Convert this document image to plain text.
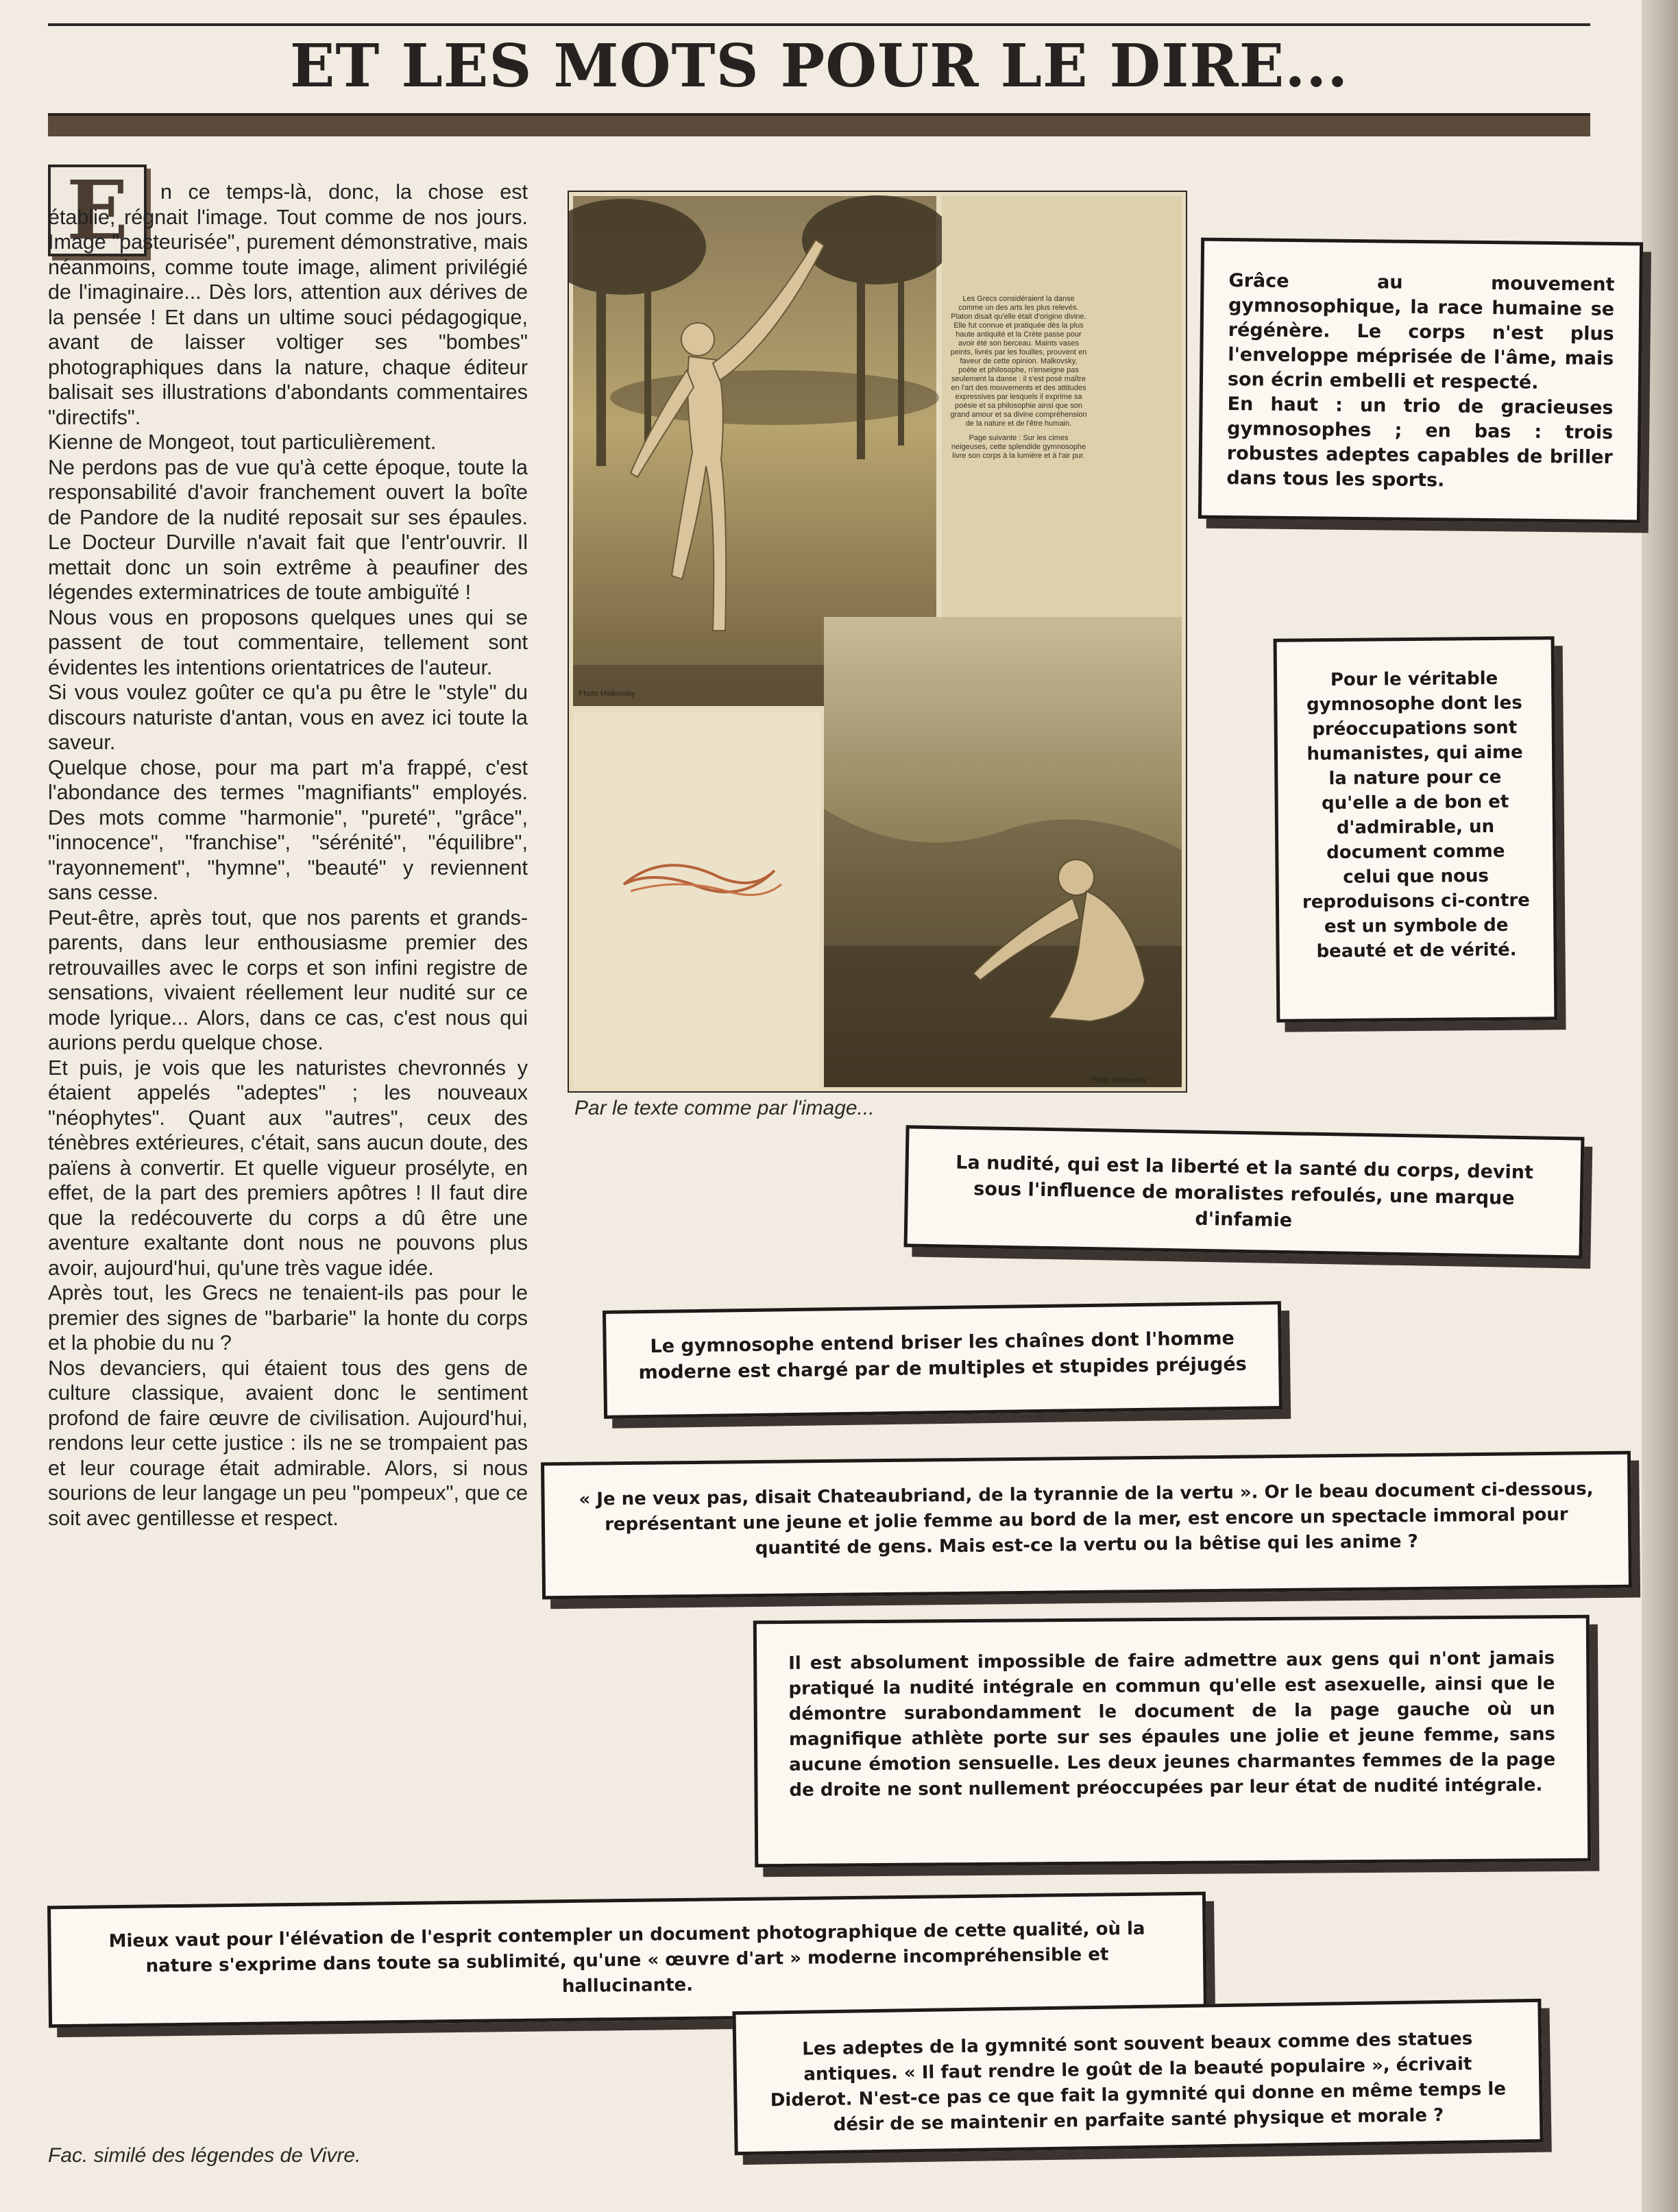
ET LES MOTS POUR LE DIRE...
E	n ce temps-là, donc, la chose est établie, régnait l'image. Tout comme de nos jours. Image "pasteurisée", purement démonstrative, mais néanmoins, comme toute image, aliment privilégié de l'imaginaire... Dès lors, attention aux dérives de la pensée ! Et dans un ultime souci pédagogique, avant de laisser voltiger ses "bombes" photographiques dans la nature, chaque éditeur balisait ses illustrations d'abondants commentaires "directifs".

Kienne de Mongeot, tout particulièrement.

Ne perdons pas de vue qu'à cette époque, toute la responsabilité d'avoir franchement ouvert la boîte de Pandore de la nudité reposait sur ses épaules. Le Docteur Durville n'avait fait que l'entr'ouvrir. Il mettait donc un soin extrême à peaufiner des légendes exterminatrices de toute ambiguïté !

Nous vous en proposons quelques unes qui se passent de tout commentaire, tellement sont évidentes les intentions orientatrices de l'auteur.

Si vous voulez goûter ce qu'a pu être le "style" du discours naturiste d'antan, vous en avez ici toute la saveur.

Quelque chose, pour ma part m'a frappé, c'est l'abondance des termes "magnifiants" employés. Des mots comme "harmonie", "pureté", "grâce", "innocence", "franchise", "sérénité", "équilibre", "rayonnement", "hymne", "beauté" y reviennent sans cesse.

Peut-être, après tout, que nos parents et grands-parents, dans leur enthousiasme premier des retrouvailles avec le corps et son infini registre de sensations, vivaient réellement leur nudité sur ce mode lyrique... Alors, dans ce cas, c'est nous qui aurions perdu quelque chose.

Et puis, je vois que les naturistes chevronnés y étaient appelés "adeptes" ; les nouveaux "néophytes". Quant aux "autres", ceux des ténèbres extérieures, c'était, sans aucun doute, des païens à convertir. Et quelle vigueur prosélyte, en effet, de la part des premiers apôtres ! Il faut dire que la redécouverte du corps a dû être une aventure exaltante dont nous ne pouvons plus avoir, aujourd'hui, qu'une très vague idée.

Après tout, les Grecs ne tenaient-ils pas pour le premier des signes de "barbarie" la honte du corps et la phobie du nu ?

Nos devanciers, qui étaient tous des gens de culture classique, avaient donc le sentiment profond de faire œuvre de civilisation. Aujourd'hui, rendons leur cette justice : ils ne se trompaient pas et leur courage était admirable. Alors, si nous sourions de leur langage un peu "pompeux", que ce soit avec gentillesse et respect.

Les Grecs considéraient la danse comme un des arts les plus relevés. Platon disait qu'elle était d'origine divine. Elle fut connue et pratiquée dès la plus haute antiquité et la Crète passe pour avoir été son berceau. Maints vases peints, livrés par les fouilles, prouvent en faveur de cette opinion. Malkovsky, poète et philosophe, n'enseigne pas seulement la danse : il s'est posé maître en l'art des mouvements et des attitudes expressives par lesquels il exprime sa poésie et sa philosophie ainsi que son grand amour et sa divine compréhension de la nature et de l'être humain.
Page suivante : Sur les cimes neigeuses, cette splendide gymnosophe livre son corps à la lumière et à l'air pur.
Photo Malkovsky
Photo Malkovsky
Par le texte comme par l'image...

Grâce au mouvement gymnosophique, la race humaine se régénère. Le corps n'est plus l'enveloppe méprisée de l'âme, mais son écrin embelli et respecté.

En haut : un trio de gracieuses gymnosophes ; en bas : trois robustes adeptes capables de briller dans tous les sports.

Pour le véritable gymnosophe dont les préoccupations sont humanistes, qui aime la nature pour ce qu'elle a de bon et d'admirable, un document comme celui que nous reproduisons ci-contre est un symbole de beauté et de vérité.

La nudité, qui est la liberté et la santé du corps, devint sous l'influence de moralistes refoulés, une marque d'infamie

Le gymnosophe entend briser les chaînes dont l'homme moderne est chargé par de multiples et stupides préjugés

« Je ne veux pas, disait Chateaubriand, de la tyrannie de la vertu ». Or le beau document ci-dessous, représentant une jeune et jolie femme au bord de la mer, est encore un spectacle immoral pour quantité de gens. Mais est-ce la vertu ou la bêtise qui les anime ?

Il est absolument impossible de faire admettre aux gens qui n'ont jamais pratiqué la nudité intégrale en commun qu'elle est asexuelle, ainsi que le démontre surabondamment le document de la page gauche où un magnifique athlète porte sur ses épaules une jolie et jeune femme, sans aucune émotion sensuelle. Les deux jeunes charmantes femmes de la page de droite ne sont nullement préoccupées par leur état de nudité intégrale.

Mieux vaut pour l'élévation de l'esprit contempler un document photographique de cette qualité, où la nature s'exprime dans toute sa sublimité, qu'une « œuvre d'art » moderne incompréhensible et hallucinante.

Les adeptes de la gymnité sont souvent beaux comme des statues antiques. « Il faut rendre le goût de la beauté populaire », écrivait Diderot. N'est-ce pas ce que fait la gymnité qui donne en même temps le désir de se maintenir en parfaite santé physique et morale ?

Fac. similé des légendes de Vivre.
